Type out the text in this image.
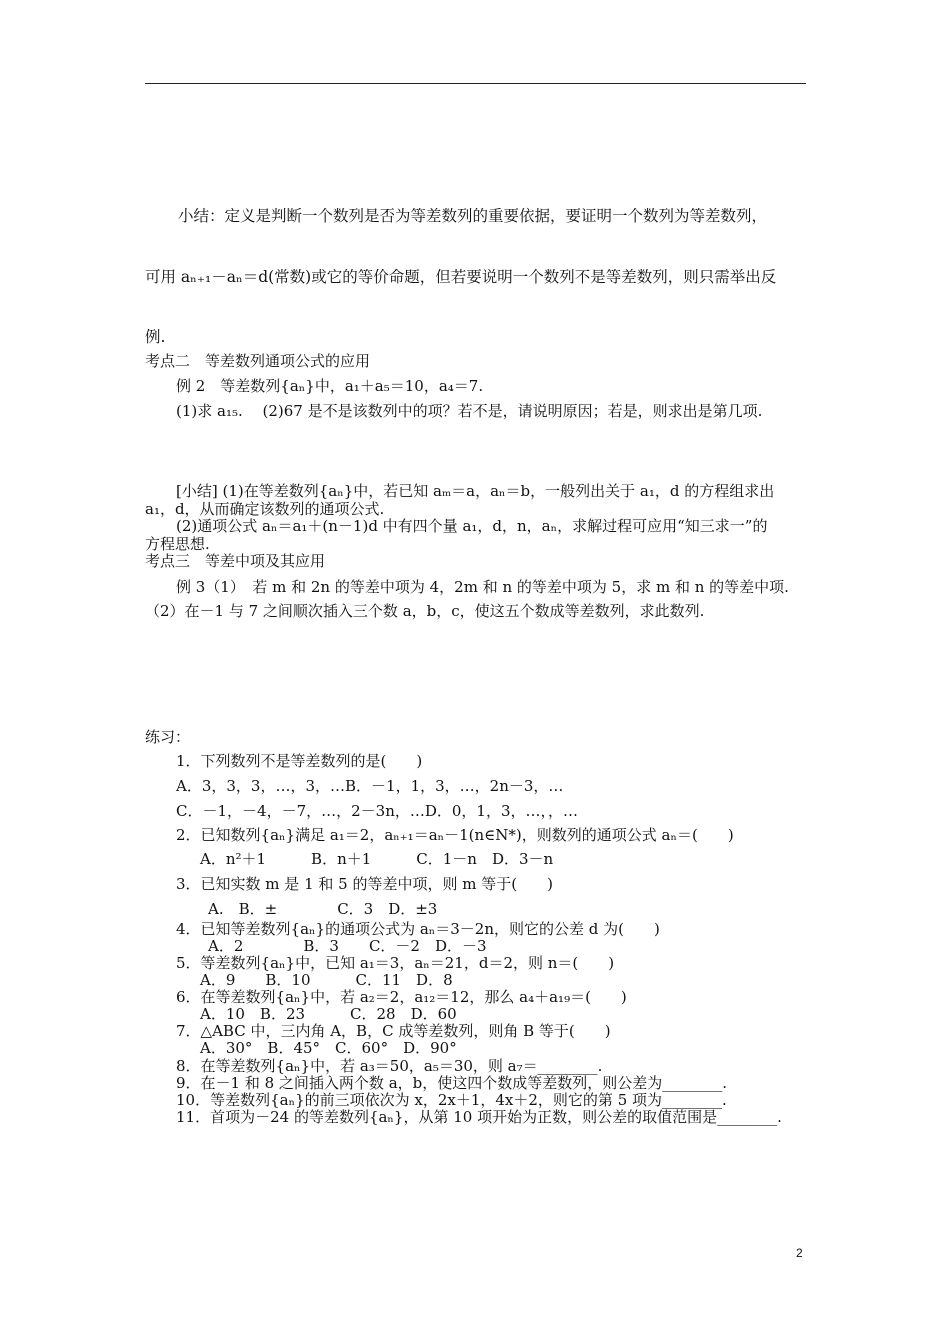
小结：定义是判断一个数列是否为等差数列的重要依据，要证明一个数列为等差数列，
可用 aₙ₊₁－aₙ＝d(常数)或它的等价命题，但若要说明一个数列不是等差数列，则只需举出反
例.
考点二　等差数列通项公式的应用
例 2　等差数列{aₙ}中，a₁＋a₅＝10，a₄＝7.
(1)求 a₁₅.　 (2)67 是不是该数列中的项？若不是，请说明原因；若是，则求出是第几项.
[小结] (1)在等差数列{aₙ}中，若已知 aₘ＝a，aₙ＝b，一般列出关于 a₁，d 的方程组求出
a₁，d，从而确定该数列的通项公式.
(2)通项公式 aₙ＝a₁＋(n－1)d 中有四个量 a₁，d，n，aₙ，求解过程可应用“知三求一”的
方程思想.
考点三　等差中项及其应用
例 3（1）　若 m 和 2n 的等差中项为 4，2m 和 n 的等差中项为 5，求 m 和 n 的等差中项.
（2）在－1 与 7 之间顺次插入三个数 a，b，c，使这五个数成等差数列，求此数列.
练习：
1．下列数列不是等差数列的是(　　)
A．3，3，3，…，3，…B．－1，1，3，…，2n－3，…
C．－1，－4，－7，…，2－3n，…D．0，1，3，…，，…
2．已知数列{aₙ}满足 a₁＝2，aₙ₊₁＝aₙ－1(n∈N*)，则数列的通项公式 aₙ＝(　　)
A．n²＋1　　　B．n＋1　　　C．1－n　D．3－n
3．已知实数 m 是 1 和 5 的等差中项，则 m 等于(　　)
A.　B．±　　　　C．3　D．±3
4．已知等差数列{aₙ}的通项公式为 aₙ＝3－2n，则它的公差 d 为(　　)
A．2　　　　B．3　　C．－2　D．－3
5．等差数列{aₙ}中，已知 a₁＝3，aₙ＝21，d＝2，则 n＝(　　)
A．9　　B．10　　　C．11　D．8
6．在等差数列{aₙ}中，若 a₂＝2，a₁₂＝12，那么 a₄＋a₁₉＝(　　)
A．10　B．23　　　C．28　D．60
7．△ABC 中，三内角 A，B，C 成等差数列，则角 B 等于(　　)
A．30°　B．45°　C．60°　D．90°
8．在等差数列{aₙ}中，若 a₃＝50，a₅＝30，则 a₇＝________.
9．在－1 和 8 之间插入两个数 a，b，使这四个数成等差数列，则公差为________.
10．等差数列{aₙ}的前三项依次为 x，2x＋1，4x＋2，则它的第 5 项为________.
11．首项为－24 的等差数列{aₙ}，从第 10 项开始为正数，则公差的取值范围是________.
2
